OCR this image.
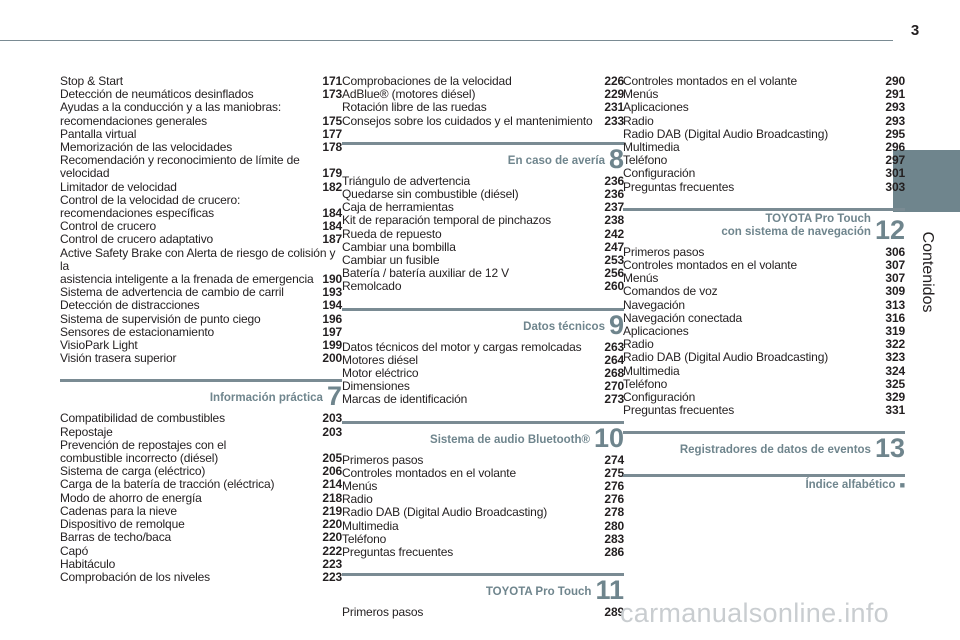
3
Contenidos
Stop & Start	171
Detección de neumáticos desinflados	173
Ayudas a la conducción y a las maniobras:
recomendaciones generales	175
Pantalla virtual	177
Memorización de las velocidades	178
Recomendación y reconocimiento de límite de
velocidad	179
Limitador de velocidad	182
Control de la velocidad de crucero:
recomendaciones específicas	184
Control de crucero	184
Control de crucero adaptativo	187
Active Safety Brake con Alerta de riesgo de colisión y la
asistencia inteligente a la frenada de emergencia 190
Sistema de advertencia de cambio de carril	193
Detección de distracciones	194
Sistema de supervisión de punto ciego	196
Sensores de estacionamiento	197
VisioPark Light	199
Visión trasera superior	200
Información práctica 7
Compatibilidad de combustibles	203
Repostaje	203
Prevención de repostajes con el
combustible incorrecto (diésel)	205
Sistema de carga (eléctrico)	206
Carga de la batería de tracción (eléctrica)	214
Modo de ahorro de energía	218
Cadenas para la nieve	219
Dispositivo de remolque	220
Barras de techo/baca	220
Capó	222
Habitáculo	223
Comprobación de los niveles	223
Comprobaciones de la velocidad	226
AdBlue® (motores diésel)	229
Rotación libre de las ruedas	231
Consejos sobre los cuidados y el mantenimiento 233
En caso de avería 8
Triángulo de advertencia	236
Quedarse sin combustible (diésel)	236
Caja de herramientas	237
Kit de reparación temporal de pinchazos	238
Rueda de repuesto	242
Cambiar una bombilla	247
Cambiar un fusible	253
Batería / batería auxiliar de 12 V	256
Remolcado	260
Datos técnicos 9
Datos técnicos del motor y cargas remolcadas	263
Motores diésel	264
Motor eléctrico	268
Dimensiones	270
Marcas de identificación	273
Sistema de audio Bluetooth® 10
Primeros pasos	274
Controles montados en el volante	275
Menús	276
Radio	276
Radio DAB (Digital Audio Broadcasting)	278
Multimedia	280
Teléfono	283
Preguntas frecuentes	286
TOYOTA Pro Touch 11
Primeros pasos	289
Controles montados en el volante	290
Menús	291
Aplicaciones	293
Radio	293
Radio DAB (Digital Audio Broadcasting)	295
Multimedia	296
Teléfono	297
Configuración	301
Preguntas frecuentes	303
TOYOTA Pro Touch
con sistema de navegación 12
Primeros pasos	306
Controles montados en el volante	307
Menús	307
Comandos de voz	309
Navegación	313
Navegación conectada	316
Aplicaciones	319
Radio	322
Radio DAB (Digital Audio Broadcasting)	323
Multimedia	324
Teléfono	325
Configuración	329
Preguntas frecuentes	331
Registradores de datos de eventos 13
Índice alfabético ■
carmanualsonline.info
